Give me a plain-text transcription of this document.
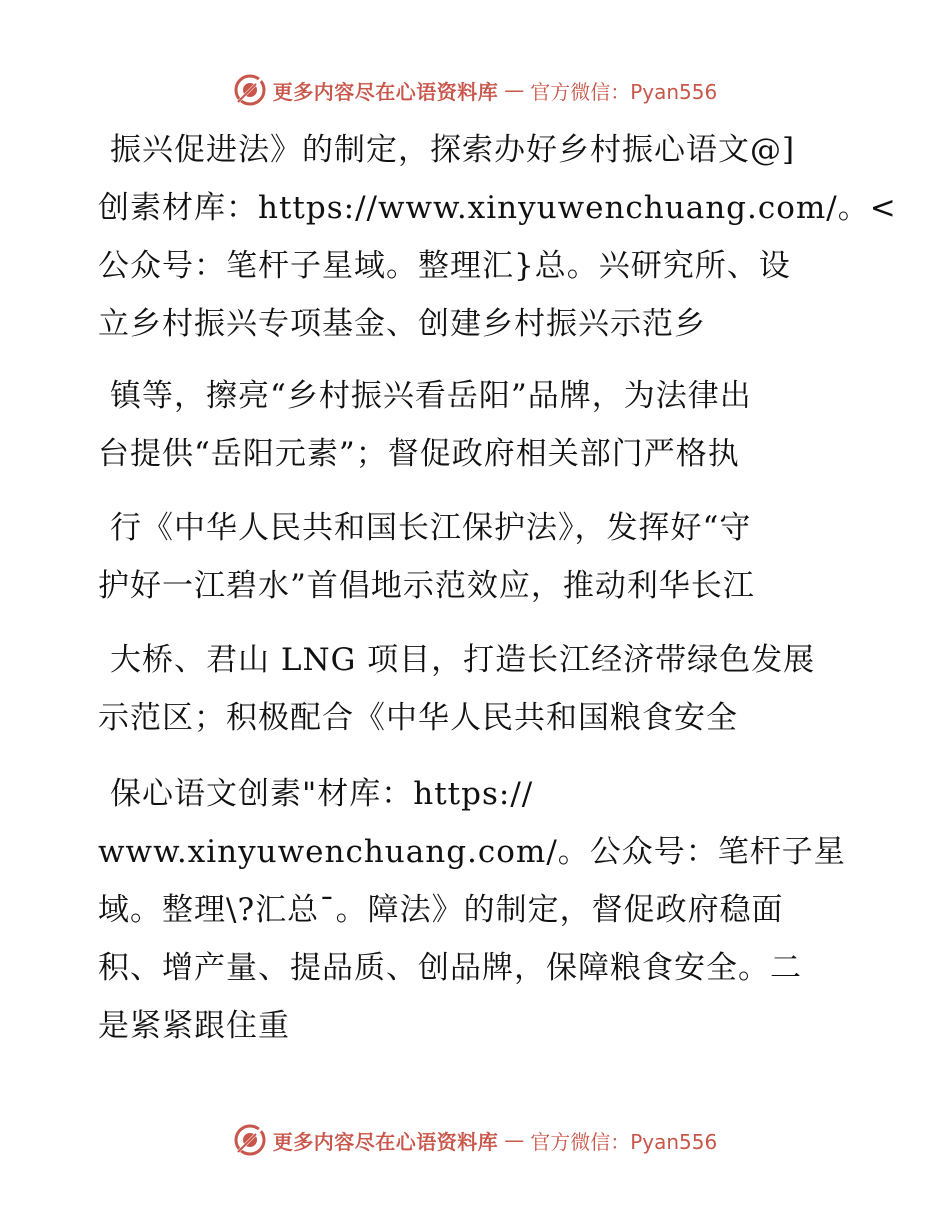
更多内容尽在心语资料库 — 官方微信：Pyan556
振兴促进法》的制定，探索办好乡村振心语文@]
创素材库：https://www.xinyuwenchuang.com/。<
公众号：笔杆子星域。整理汇}总。兴研究所、设
立乡村振兴专项基金、创建乡村振兴示范乡
镇等，擦亮“乡村振兴看岳阳”品牌，为法律出
台提供“岳阳元素”；督促政府相关部门严格执
行《中华人民共和国长江保护法》，发挥好“守
护好一江碧水”首倡地示范效应，推动利华长江
大桥、君山 LNG 项目，打造长江经济带绿色发展
示范区；积极配合《中华人民共和国粮食安全
保心语文创素"材库：https://
www.xinyuwenchuang.com/。公众号：笔杆子星
域。整理\?汇总¯。障法》的制定，督促政府稳面
积、增产量、提品质、创品牌，保障粮食安全。二
是紧紧跟住重
更多内容尽在心语资料库 — 官方微信：Pyan556
